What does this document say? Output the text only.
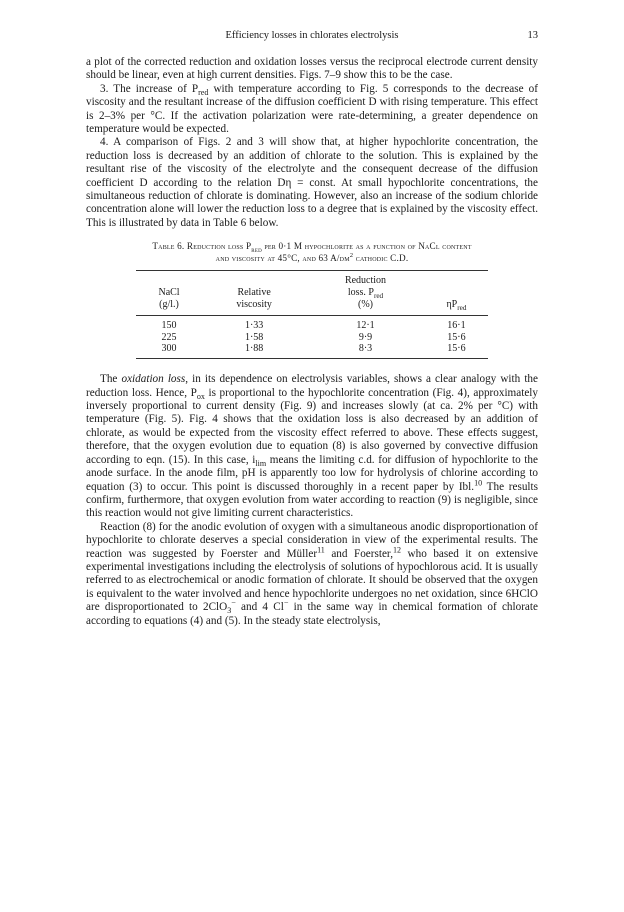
Efficiency losses in chlorates electrolysis	13

a plot of the corrected reduction and oxidation losses versus the reciprocal electrode current density should be linear, even at high current densities. Figs. 7–9 show this to be the case.

3. The increase of $P_{red}$ with temperature according to Fig. 5 corresponds to the decrease of viscosity and the resultant increase of the diffusion coefficient D with rising temperature. This effect is 2–3% per °C. If the activation polarization were rate-determining, a greater dependence on temperature would be expected.

4. A comparison of Figs. 2 and 3 will show that, at higher hypochlorite concentration, the reduction loss is decreased by an addition of chlorate to the solution. This is explained by the resultant rise of the viscosity of the electrolyte and the consequent decrease of the diffusion coefficient D according to the relation Dη = const. At small hypochlorite concentrations, the simultaneous reduction of chlorate is dominating. However, also an increase of the sodium chloride concentration alone will lower the reduction loss to a degree that is explained by the viscosity effect. This is illustrated by data in Table 6 below.

Table 6. Reduction loss $P_{red}$ per 0·1 M hypochlorite as a function of NaCl content and viscosity at 45°C, and 63 $A/dm^2$ cathodic C.D.
		Reduction	
NaCl	Relative	loss. $P_{red}$	
(g/l.)	viscosity	(%)	$\eta P_{red}$
150	1·33	12·1	16·1
225	1·58	9·9	15·6
300	1·88	8·3	15·6

The oxidation loss, in its dependence on electrolysis variables, shows a clear analogy with the reduction loss. Hence, $P_{ox}$ is proportional to the hypochlorite concentration (Fig. 4), approximately inversely proportional to current density (Fig. 9) and increases slowly (at ca. 2% per °C) with temperature (Fig. 5). Fig. 4 shows that the oxidation loss is also decreased by an addition of chlorate, as would be expected from the viscosity effect referred to above. These effects suggest, therefore, that the oxygen evolution due to equation (8) is also governed by convective diffusion according to eqn. (15). In this case, $i_{lim}$ means the limiting c.d. for diffusion of hypochlorite to the anode surface. In the anode film, pH is apparently too low for hydrolysis of chlorine according to equation (3) to occur. This point is discussed thoroughly in a recent paper by Ibl.$^{10}$ The results confirm, furthermore, that oxygen evolution from water according to reaction (9) is negligible, since this reaction would not give limiting current characteristics.

Reaction (8) for the anodic evolution of oxygen with a simultaneous anodic disproportionation of hypochlorite to chlorate deserves a special consideration in view of the experimental results. The reaction was suggested by Foerster and Müller$^{11}$ and Foerster,$^{12}$ who based it on extensive experimental investigations including the electrolysis of solutions of hypochlorous acid. It is usually referred to as electrochemical or anodic formation of chlorate. It should be observed that the oxygen is equivalent to the water involved and hence hypochlorite undergoes no net oxidation, since 6HClO are disproportionated to 2ClO$_3$− and 4 Cl− in the same way in chemical formation of chlorate according to equations (4) and (5). In the steady state electrolysis,
